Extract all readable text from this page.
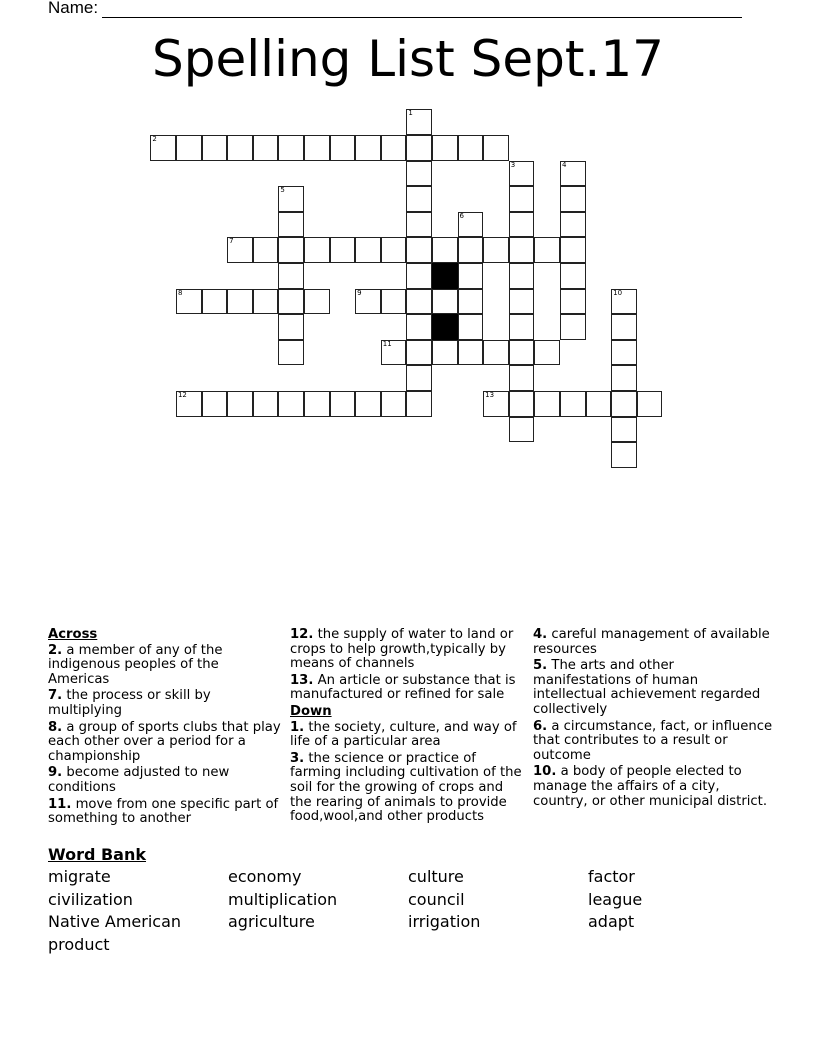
Name:
Spelling List Sept.17
1
2
3	4
5
6
7
8	9	10
11
12	13
Across
2. a member of any of the indigenous peoples of the Americas
7. the process or skill by multiplying
8. a group of sports clubs that play each other over a period for a championship
9. become adjusted to new conditions
11. move from one specific part of something to another
12. the supply of water to land or crops to help growth,typically by means of channels
13. An article or substance that is manufactured or refined for sale
Down
1. the society, culture, and way of life of a particular area
3. the science or practice of farming including cultivation of the soil for the growing of crops and the rearing of animals to provide food,wool,and other products
4. careful management of available resources
5. The arts and other manifestations of human intellectual achievement regarded collectively
6. a circumstance, fact, or influence that contributes to a result or outcome
10. a body of people elected to manage the affairs of a city, country, or other municipal district.
Word Bank
migrate	economy	culture	factor
civilization	multiplication	council	league
Native American	agriculture	irrigation	adapt
product
